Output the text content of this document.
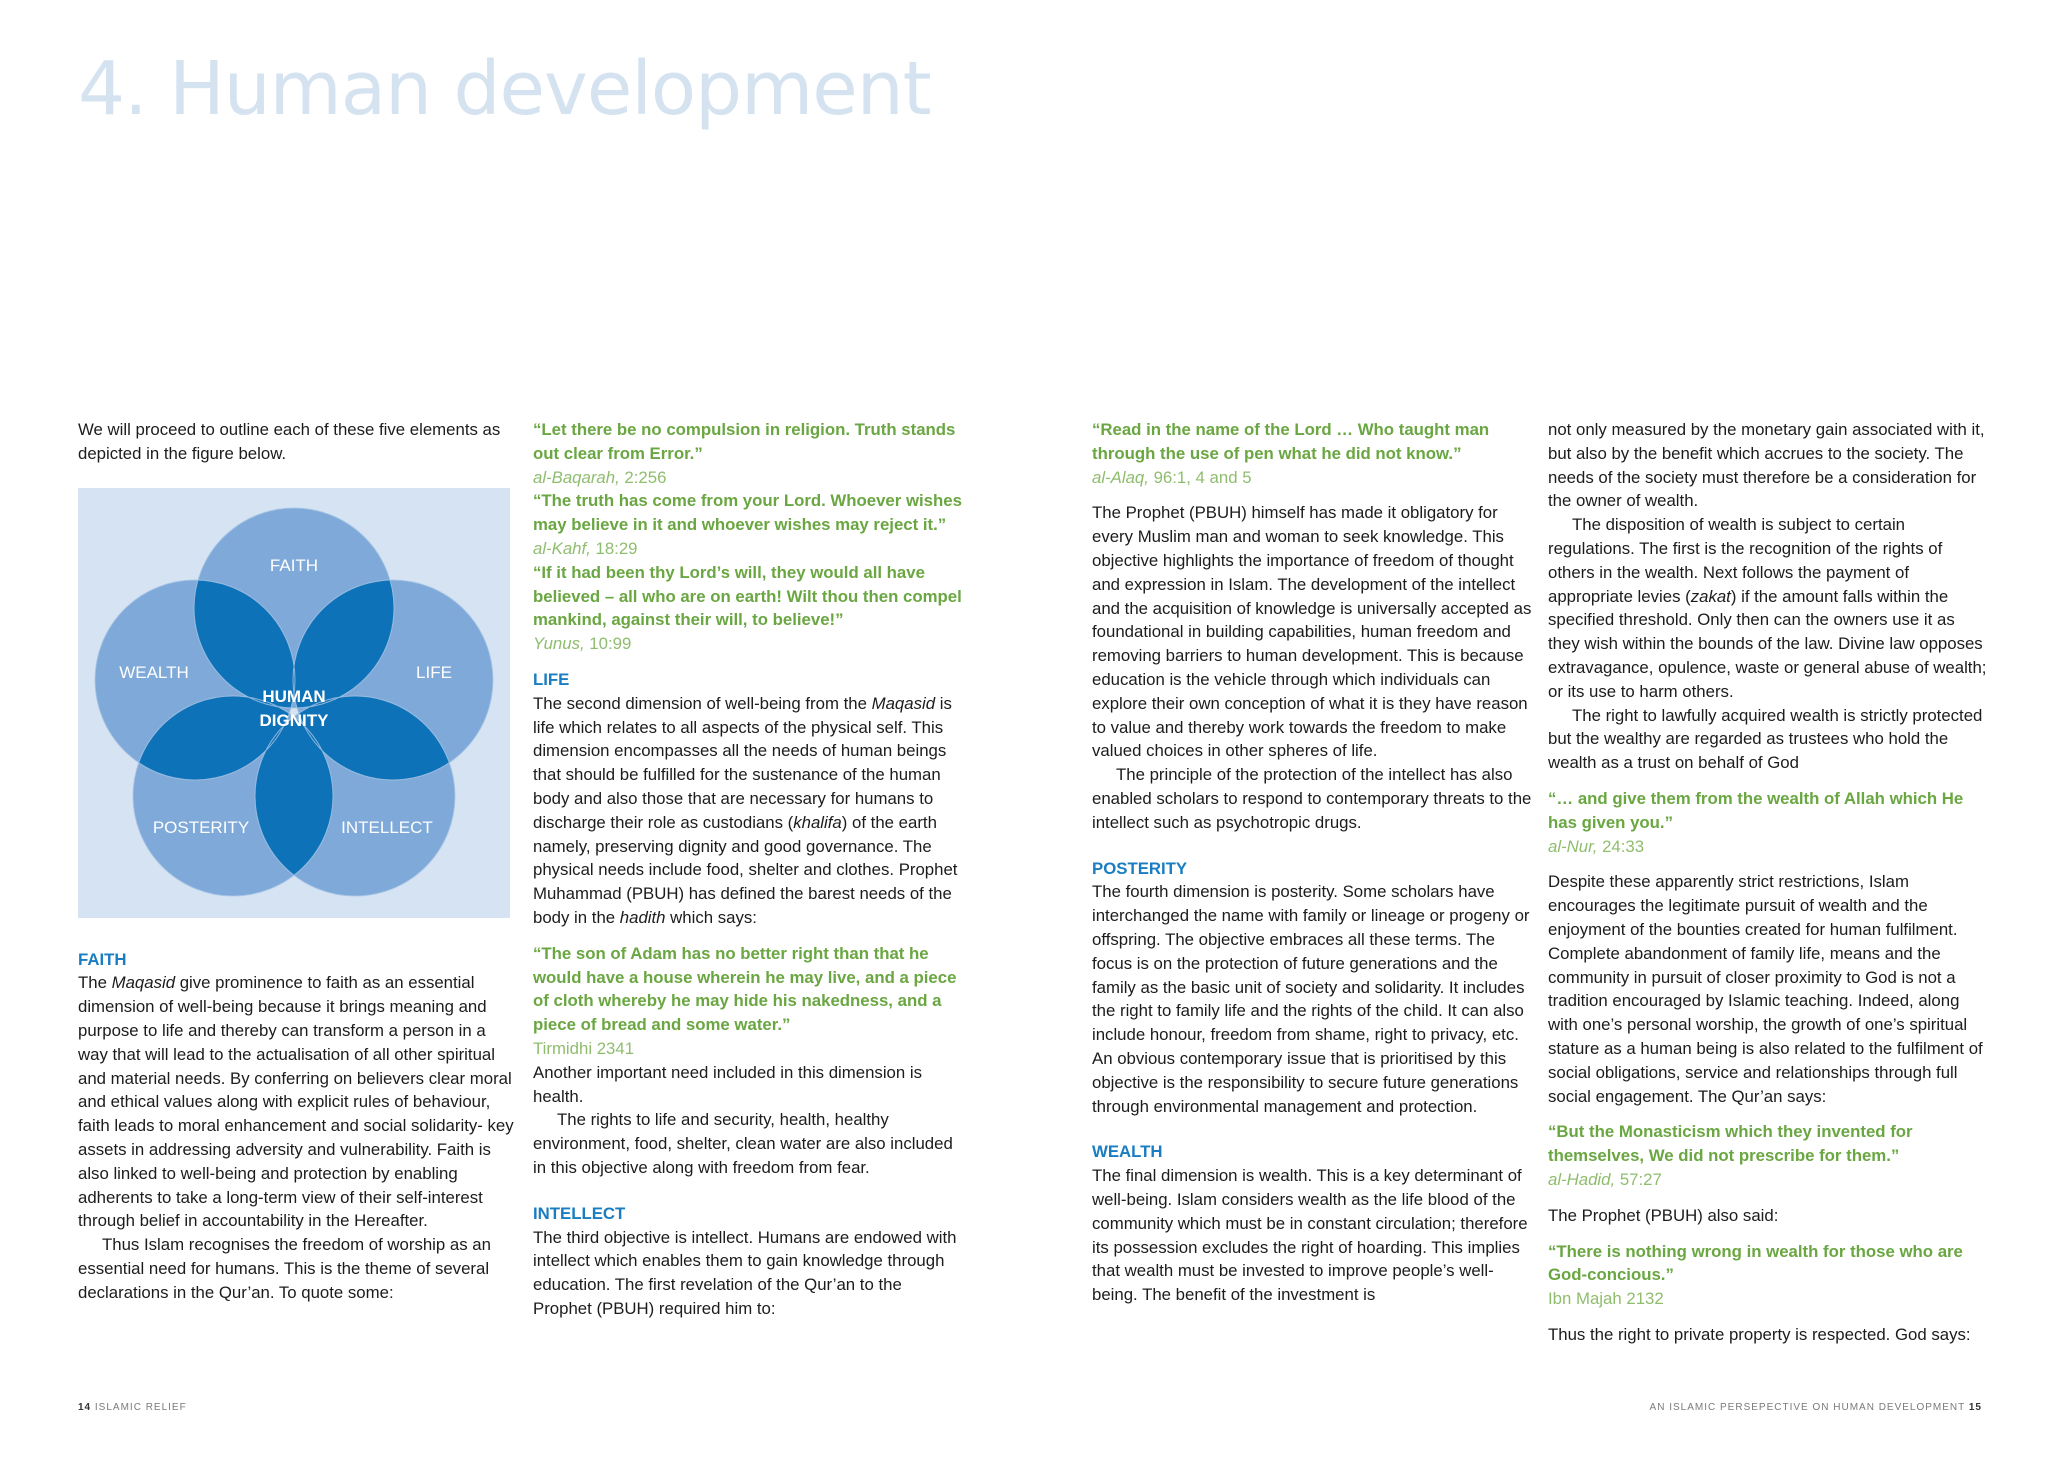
4. Human development

We will proceed to outline each of these five elements as depicted in the figure below.

FAITH
LIFE
INTELLECT
POSTERITY
WEALTH
HUMAN
DIGNITY

FAITH

The Maqasid give prominence to faith as an essential dimension of well-being because it brings meaning and purpose to life and thereby can transform a person in a way that will lead to the actualisation of all other spiritual and material needs. By conferring on believers clear moral and ethical values along with explicit rules of behaviour, faith leads to moral enhancement and social solidarity- key assets in addressing adversity and vulnerability. Faith is also linked to well-being and protection by enabling adherents to take a long-term view of their self-interest through belief in accountability in the Hereafter.

Thus Islam recognises the freedom of worship as an essential need for humans. This is the theme of several declarations in the Qur’an. To quote some:

“Let there be no compulsion in religion. Truth stands out clear from Error.”

al-Baqarah, 2:256

“The truth has come from your Lord. Whoever wishes may believe in it and whoever wishes may reject it.”

al-Kahf, 18:29

“If it had been thy Lord’s will, they would all have believed – all who are on earth! Wilt thou then compel mankind, against their will, to believe!”

Yunus, 10:99

LIFE

The second dimension of well-being from the Maqasid is life which relates to all aspects of the physical self. This dimension encompasses all the needs of human beings that should be fulfilled for the sustenance of the human body and also those that are necessary for humans to discharge their role as custodians (khalifa) of the earth namely, preserving dignity and good governance. The physical needs include food, shelter and clothes. Prophet Muhammad (PBUH) has defined the barest needs of the body in the hadith which says:

“The son of Adam has no better right than that he would have a house wherein he may live, and a piece of cloth whereby he may hide his nakedness, and a piece of bread and some water.”

Tirmidhi 2341

Another important need included in this dimension is health.

The rights to life and security, health, healthy environment, food, shelter, clean water are also included in this objective along with freedom from fear.

INTELLECT

The third objective is intellect. Humans are endowed with intellect which enables them to gain knowledge through education. The first revelation of the Qur’an to the Prophet (PBUH) required him to:

“Read in the name of the Lord … Who taught man through the use of pen what he did not know.”

al-Alaq, 96:1, 4 and 5

The Prophet (PBUH) himself has made it obligatory for every Muslim man and woman to seek knowledge. This objective highlights the importance of freedom of thought and expression in Islam. The development of the intellect and the acquisition of knowledge is universally accepted as foundational in building capabilities, human freedom and removing barriers to human development. This is because education is the vehicle through which individuals can explore their own conception of what it is they have reason to value and thereby work towards the freedom to make valued choices in other spheres of life.

The principle of the protection of the intellect has also enabled scholars to respond to contemporary threats to the intellect such as psychotropic drugs.

POSTERITY

The fourth dimension is posterity. Some scholars have interchanged the name with family or lineage or progeny or offspring. The objective embraces all these terms. The focus is on the protection of future generations and the family as the basic unit of society and solidarity. It includes the right to family life and the rights of the child. It can also include honour, freedom from shame, right to privacy, etc. An obvious contemporary issue that is prioritised by this objective is the responsibility to secure future generations through environmental management and protection.

WEALTH

The final dimension is wealth. This is a key determinant of well-being. Islam considers wealth as the life blood of the community which must be in constant circulation; therefore its possession excludes the right of hoarding. This implies that wealth must be invested to improve people’s well-being. The benefit of the investment is

not only measured by the monetary gain associated with it, but also by the benefit which accrues to the society. The needs of the society must therefore be a consideration for the owner of wealth.

The disposition of wealth is subject to certain regulations. The first is the recognition of the rights of others in the wealth. Next follows the payment of appropriate levies (zakat) if the amount falls within the specified threshold. Only then can the owners use it as they wish within the bounds of the law. Divine law opposes extravagance, opulence, waste or general abuse of wealth; or its use to harm others.

The right to lawfully acquired wealth is strictly protected but the wealthy are regarded as trustees who hold the wealth as a trust on behalf of God

“… and give them from the wealth of Allah which He has given you.”

al-Nur, 24:33

Despite these apparently strict restrictions, Islam encourages the legitimate pursuit of wealth and the enjoyment of the bounties created for human fulfilment. Complete abandonment of family life, means and the community in pursuit of closer proximity to God is not a tradition encouraged by Islamic teaching. Indeed, along with one’s personal worship, the growth of one’s spiritual stature as a human being is also related to the fulfilment of social obligations, service and relationships through full social engagement. The Qur’an says:

“But the Monasticism which they invented for themselves, We did not prescribe for them.”

al-Hadid, 57:27

The Prophet (PBUH) also said:

“There is nothing wrong in wealth for those who are God-concious.”

Ibn Majah 2132

Thus the right to private property is respected. God says:

14 ISLAMIC RELIEF	AN ISLAMIC PERSEPECTIVE ON HUMAN DEVELOPMENT 15
